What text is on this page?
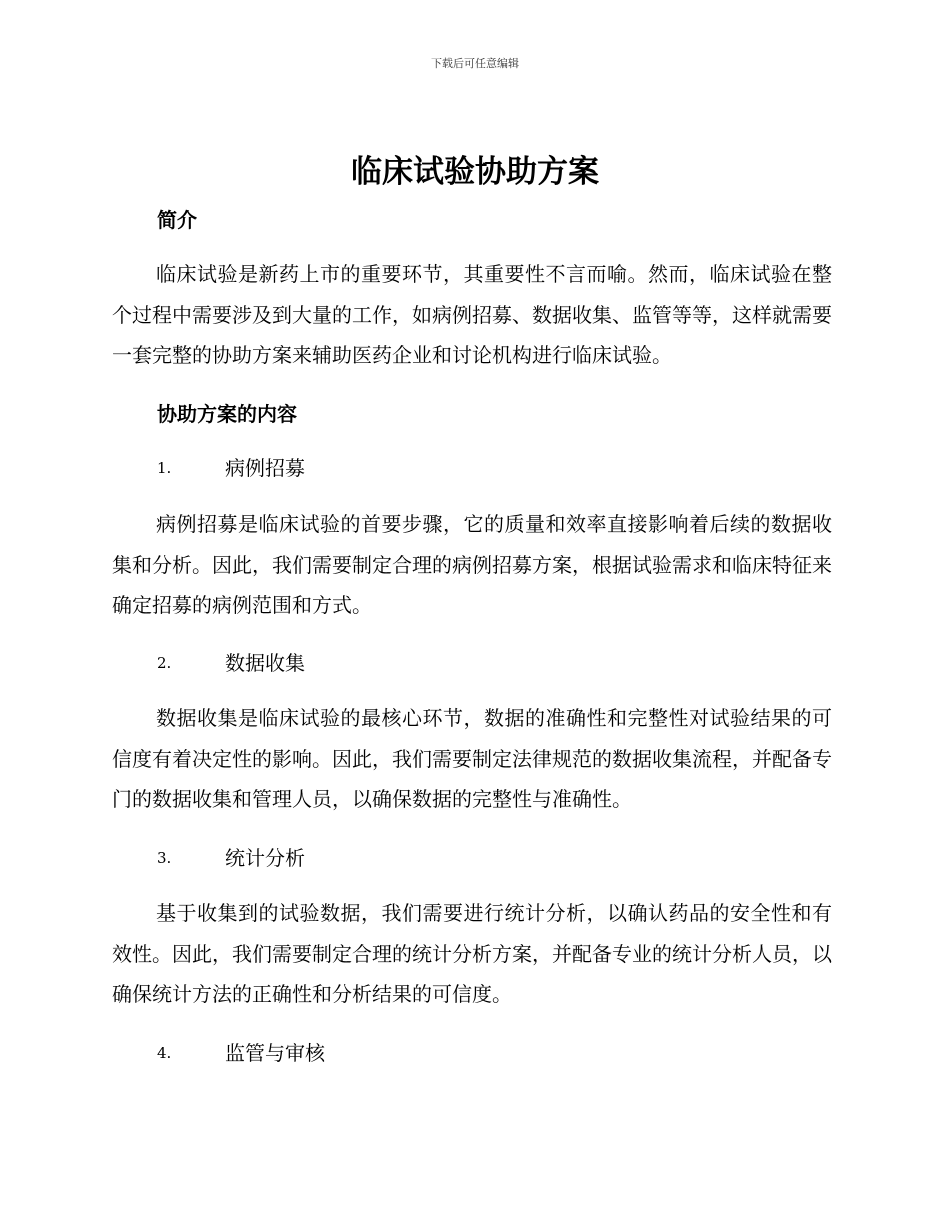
下载后可任意编辑
临床试验协助方案
简介

临床试验是新药上市的重要环节，其重要性不言而喻。然而，临床试验在整个过程中需要涉及到大量的工作，如病例招募、数据收集、监管等等，这样就需要一套完整的协助方案来辅助医药企业和讨论机构进行临床试验。

协助方案的内容
1.	病例招募

病例招募是临床试验的首要步骤，它的质量和效率直接影响着后续的数据收集和分析。因此，我们需要制定合理的病例招募方案，根据试验需求和临床特征来确定招募的病例范围和方式。

2.	数据收集

数据收集是临床试验的最核心环节，数据的准确性和完整性对试验结果的可信度有着决定性的影响。因此，我们需要制定法律规范的数据收集流程，并配备专门的数据收集和管理人员，以确保数据的完整性与准确性。

3.	统计分析

基于收集到的试验数据，我们需要进行统计分析，以确认药品的安全性和有效性。因此，我们需要制定合理的统计分析方案，并配备专业的统计分析人员，以确保统计方法的正确性和分析结果的可信度。

4.	监管与审核
